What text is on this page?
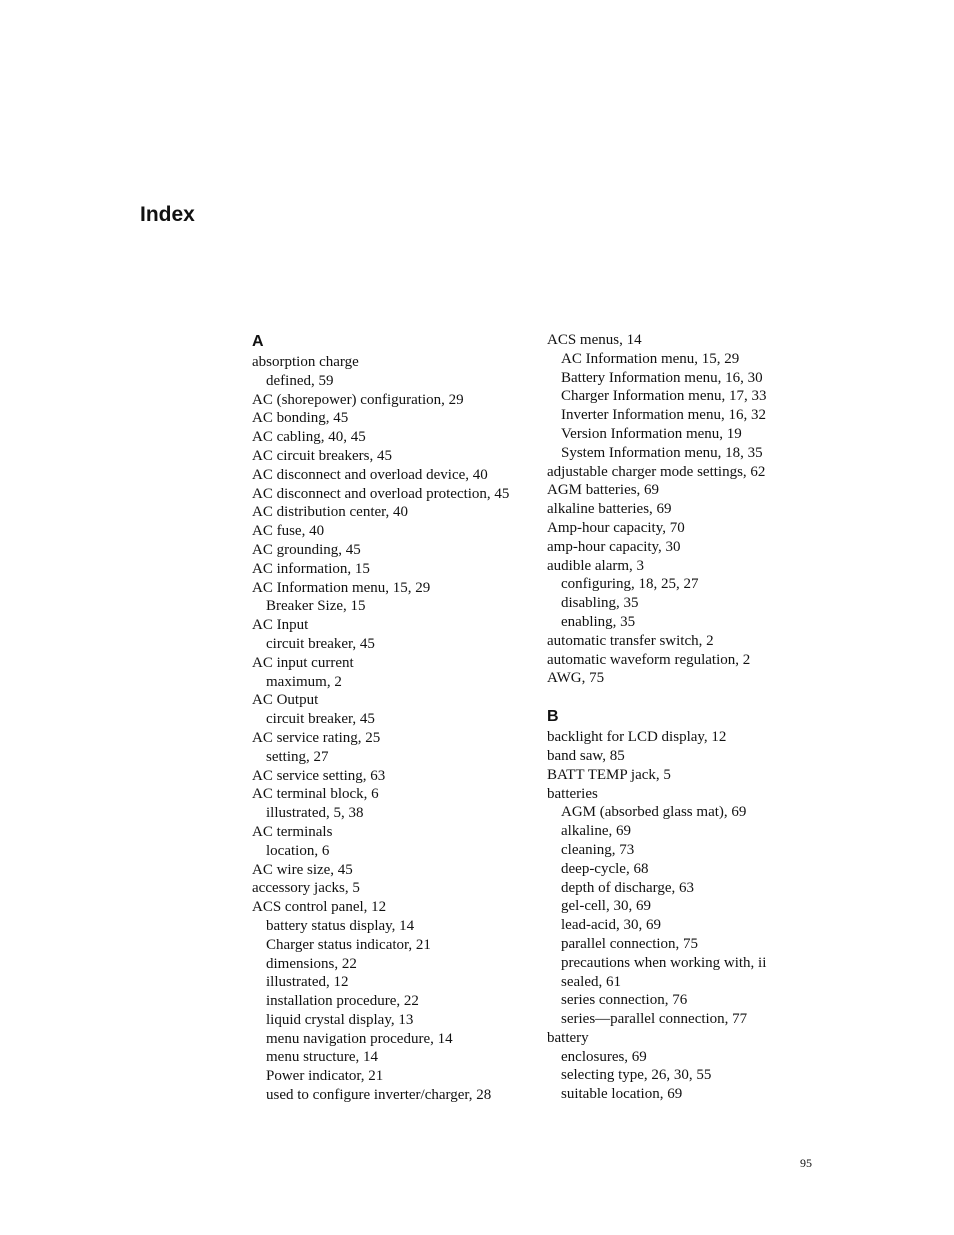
Index
A
absorption charge
defined, 59
AC (shorepower) configuration, 29
AC bonding, 45
AC cabling, 40, 45
AC circuit breakers, 45
AC disconnect and overload device, 40
AC disconnect and overload protection, 45
AC distribution center, 40
AC fuse, 40
AC grounding, 45
AC information, 15
AC Information menu, 15, 29
Breaker Size, 15
AC Input
circuit breaker, 45
AC input current
maximum, 2
AC Output
circuit breaker, 45
AC service rating, 25
setting, 27
AC service setting, 63
AC terminal block, 6
illustrated, 5, 38
AC terminals
location, 6
AC wire size, 45
accessory jacks, 5
ACS control panel, 12
battery status display, 14
Charger status indicator, 21
dimensions, 22
illustrated, 12
installation procedure, 22
liquid crystal display, 13
menu navigation procedure, 14
menu structure, 14
Power indicator, 21
used to configure inverter/charger, 28
ACS menus, 14
AC Information menu, 15, 29
Battery Information menu, 16, 30
Charger Information menu, 17, 33
Inverter Information menu, 16, 32
Version Information menu, 19
System Information menu, 18, 35
adjustable charger mode settings, 62
AGM batteries, 69
alkaline batteries, 69
Amp-hour capacity, 70
amp-hour capacity, 30
audible alarm, 3
configuring, 18, 25, 27
disabling, 35
enabling, 35
automatic transfer switch, 2
automatic waveform regulation, 2
AWG, 75
B
backlight for LCD display, 12
band saw, 85
BATT TEMP jack, 5
batteries
AGM (absorbed glass mat), 69
alkaline, 69
cleaning, 73
deep-cycle, 68
depth of discharge, 63
gel-cell, 30, 69
lead-acid, 30, 69
parallel connection, 75
precautions when working with, ii
sealed, 61
series connection, 76
series—parallel connection, 77
battery
enclosures, 69
selecting type, 26, 30, 55
suitable location, 69
95
